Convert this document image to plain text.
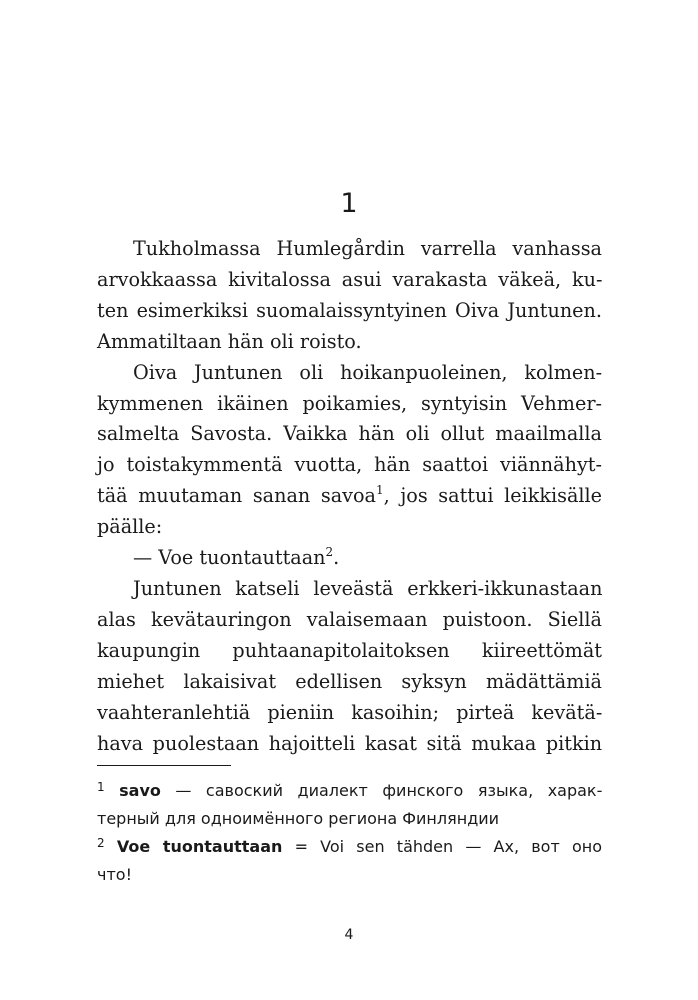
1
Tukholmassa Humlegårdin varrella vanhassa
arvokkaassa kivitalossa asui varakasta väkeä, ku-
ten esimerkiksi suomalaissyntyinen Oiva Juntunen.
Ammatiltaan hän oli roisto.
Oiva Juntunen oli hoikanpuoleinen, kolmen-
kymmenen ikäinen poikamies, syntyisin Vehmer-
salmelta Savosta. Vaikka hän oli ollut maailmalla
jo toistakymmentä vuotta, hän saattoi viännähyt-
tää muutaman sanan savoa$^1$, jos sattui leikkisälle
päälle:
— Voe tuontauttaan$^2$.
Juntunen katseli leveästä erkkeri-ikkunastaan
alas kevätauringon valaisemaan puistoon. Siellä
kaupungin puhtaanapitolaitoksen kiireettömät
miehet lakaisivat edellisen syksyn mädättämiä
vaahteranlehtiä pieniin kasoihin; pirteä kevätä-
hava puolestaan hajoitteli kasat sitä mukaa pitkin
$^1$ savo — савоский диалект финского языка, харак-
терный для одноимённого региона Финляндии
$^2$ Voe tuontauttaan = Voi sen tähden — Ах, вот оно
что!
4
